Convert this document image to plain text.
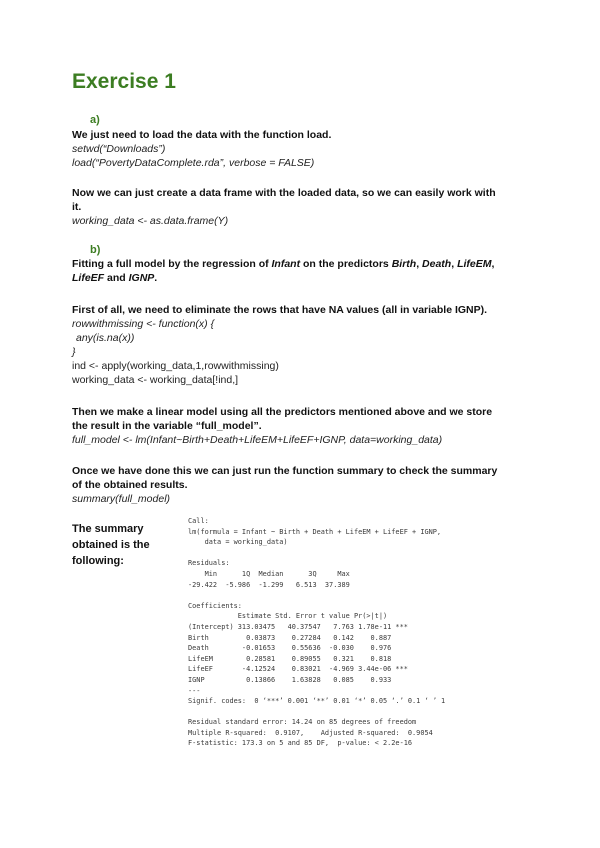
Exercise 1
a)
We just need to load the data with the function load.
setwd(“Downloads”)
load(“PovertyDataComplete.rda”, verbose = FALSE)
Now we can just create a data frame with the loaded data, so we can easily work with
it.
working_data <- as.data.frame(Y)
b)
Fitting a full model by the regression of Infant on the predictors Birth, Death, LifeEM,
LifeEF and IGNP.
First of all, we need to eliminate the rows that have NA values (all in variable IGNP).
rowwithmissing <- function(x) {
any(is.na(x))
}
ind <- apply(working_data,1,rowwithmissing)
working_data <- working_data[!ind,]
Then we make a linear model using all the predictors mentioned above and we store
the result in the variable “full_model”.
full_model <- lm(Infant~Birth+Death+LifeEM+LifeEF+IGNP, data=working_data)
Once we have done this we can just run the function summary to check the summary
of the obtained results.
summary(full_model)
The summary obtained is the following:
Call:
lm(formula = Infant ~ Birth + Death + LifeEM + LifeEF + IGNP,
data = working_data)

Residuals:
Min      1Q  Median      3Q     Max
-29.422  -5.986  -1.299   6.513  37.389

Coefficients:
Estimate Std. Error t value Pr(>|t|)
(Intercept) 313.03475   40.37547   7.763 1.78e-11 ***
Birth         0.03873    0.27284   0.142    0.887
Death        -0.01653    0.55636  -0.030    0.976
LifeEM        0.28581    0.89055   0.321    0.818
LifeEF       -4.12524    0.83021  -4.969 3.44e-06 ***
IGNP          0.13866    1.63828   0.085    0.933
---
Signif. codes:  0 ‘***’ 0.001 ‘**’ 0.01 ‘*’ 0.05 ‘.’ 0.1 ‘ ’ 1

Residual standard error: 14.24 on 85 degrees of freedom
Multiple R-squared:  0.9107,    Adjusted R-squared:  0.9054
F-statistic: 173.3 on 5 and 85 DF,  p-value: < 2.2e-16
